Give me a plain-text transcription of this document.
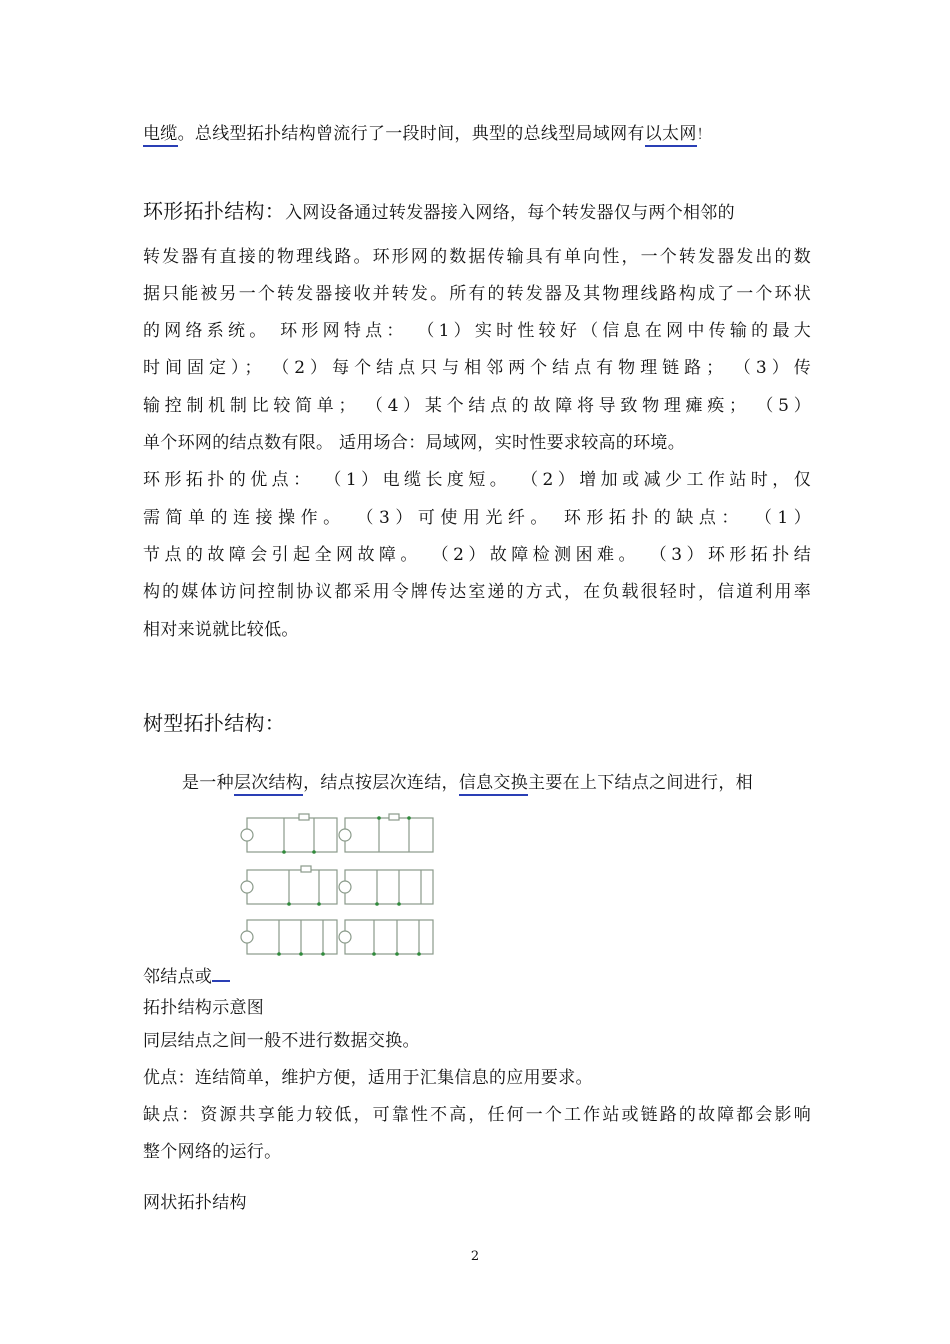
电缆。总线型拓扑结构曾流行了一段时间，典型的总线型局域网有以太网！
环形拓扑结构：入网设备通过转发器接入网络，每个转发器仅与两个相邻的
转发器有直接的物理线路。环形网的数据传输具有单向性，一个转发器发出的数
据只能被另一个转发器接收并转发。所有的转发器及其物理线路构成了一个环状
的网络系统。 环形网特点： （1）实时性较好（信息在网中传输的最大
时间固定）； （2）每个结点只与相邻两个结点有物理链路； （3）传
输控制机制比较简单； （4）某个结点的故障将导致物理瘫痪； （5）
单个环网的结点数有限。 适用场合：局域网，实时性要求较高的环境。
环形拓扑的优点： （1）电缆长度短。 （2）增加或减少工作站时，仅
需简单的连接操作。 （3）可使用光纤。 环形拓扑的缺点： （1）
节点的故障会引起全网故障。 （2）故障检测困难。 （3）环形拓扑结
构的媒体访问控制协议都采用令牌传达室递的方式，在负载很轻时，信道利用率
相对来说就比较低。
树型拓扑结构：
是一种层次结构，结点按层次连结，信息交换主要在上下结点之间进行，相
邻结点或
拓扑结构示意图
同层结点之间一般不进行数据交换。
优点：连结简单，维护方便，适用于汇集信息的应用要求。
缺点：资源共享能力较低，可靠性不高，任何一个工作站或链路的故障都会影响
整个网络的运行。
网状拓扑结构
2
